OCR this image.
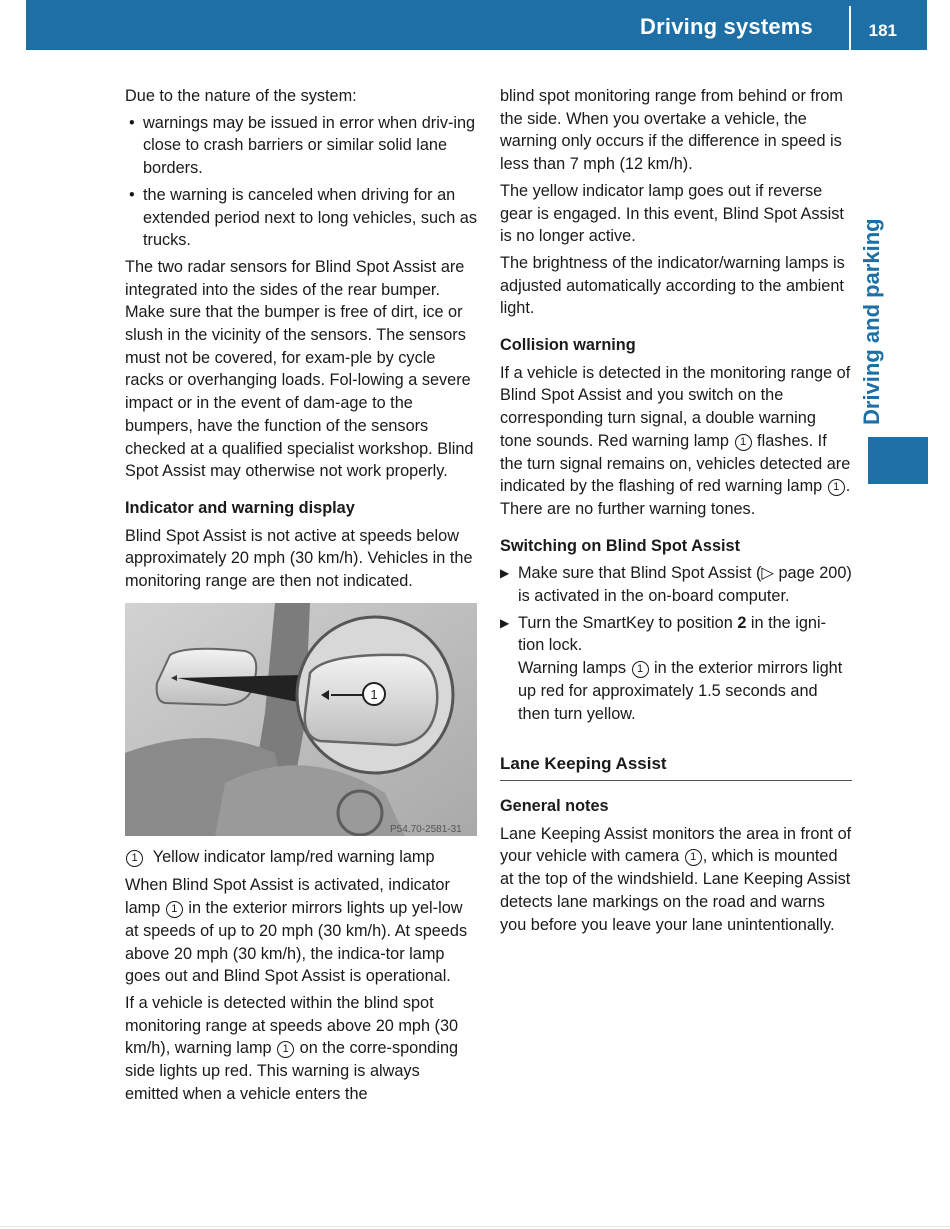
Driving systems	181
Driving and parking

Due to the nature of the system:

• warnings may be issued in error when driv-ing close to crash barriers or similar solid lane borders.
• the warning is canceled when driving for an extended period next to long vehicles, such as trucks.

The two radar sensors for Blind Spot Assist are integrated into the sides of the rear bumper. Make sure that the bumper is free of dirt, ice or slush in the vicinity of the sensors. The sensors must not be covered, for exam-ple by cycle racks or overhanging loads. Fol-lowing a severe impact or in the event of dam-age to the bumpers, have the function of the sensors checked at a qualified specialist workshop. Blind Spot Assist may otherwise not work properly.

Indicator and warning display

Blind Spot Assist is not active at speeds below approximately 20 mph (30 km/h). Vehicles in the monitoring range are then not indicated.

1
P54.70-2581-31

1 Yellow indicator lamp/red warning lamp

When Blind Spot Assist is activated, indicator lamp 1 in the exterior mirrors lights up yel-low at speeds of up to 20 mph (30 km/h). At speeds above 20 mph (30 km/h), the indica-tor lamp goes out and Blind Spot Assist is operational.

If a vehicle is detected within the blind spot monitoring range at speeds above 20 mph (30 km/h), warning lamp 1 on the corre-sponding side lights up red. This warning is always emitted when a vehicle enters the

blind spot monitoring range from behind or from the side. When you overtake a vehicle, the warning only occurs if the difference in speed is less than 7 mph (12 km/h).

The yellow indicator lamp goes out if reverse gear is engaged. In this event, Blind Spot Assist is no longer active.

The brightness of the indicator/warning lamps is adjusted automatically according to the ambient light.

Collision warning

If a vehicle is detected in the monitoring range of Blind Spot Assist and you switch on the corresponding turn signal, a double warning tone sounds. Red warning lamp 1 flashes. If the turn signal remains on, vehicles detected are indicated by the flashing of red warning lamp 1 . There are no further warning tones.

Switching on Blind Spot Assist
▶ Make sure that Blind Spot Assist (▷ page 200) is activated in the on-board computer.
▶ Turn the SmartKey to position 2 in the igni-tion lock.
Warning lamps 1 in the exterior mirrors light up red for approximately 1.5 seconds and then turn yellow.
Lane Keeping Assist
General notes

Lane Keeping Assist monitors the area in front of your vehicle with camera 1 , which is mounted at the top of the windshield. Lane Keeping Assist detects lane markings on the road and warns you before you leave your lane unintentionally.
